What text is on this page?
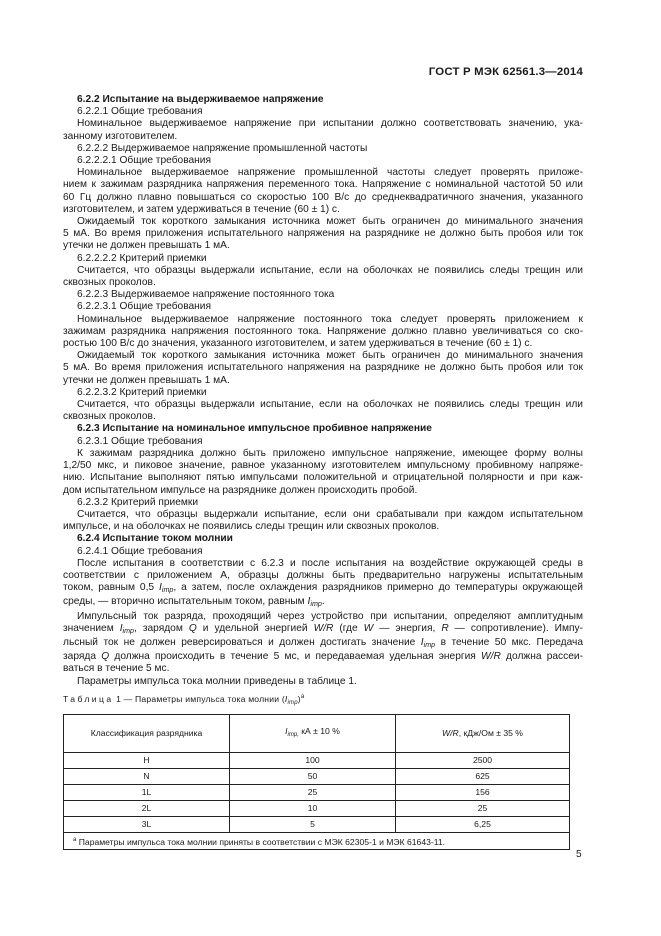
ГОСТ Р МЭК 62561.3—2014
6.2.2 Испытание на выдерживаемое напряжение
6.2.2.1 Общие требования
Номинальное выдерживаемое напряжение при испытании должно соответствовать значению, ука-
занному изготовителем.
6.2.2.2 Выдерживаемое напряжение промышленной частоты
6.2.2.2.1 Общие требования
Номинальное выдерживаемое напряжение промышленной частоты следует проверять приложе-
нием к зажимам разрядника напряжения переменного тока. Напряжение с номинальной частотой 50 или
60 Гц должно плавно повышаться со скоростью 100 В/с до среднеквадратичного значения, указанного
изготовителем, и затем удерживаться в течение (60 ± 1) с.
Ожидаемый ток короткого замыкания источника может быть ограничен до минимального значения
5 мА. Во время приложения испытательного напряжения на разряднике не должно быть пробоя или ток
утечки не должен превышать 1 мА.
6.2.2.2.2 Критерий приемки
Считается, что образцы выдержали испытание, если на оболочках не появились следы трещин или
сквозных проколов.
6.2.2.3 Выдерживаемое напряжение постоянного тока
6.2.2.3.1 Общие требования
Номинальное выдерживаемое напряжение постоянного тока следует проверять приложением к
зажимам разрядника напряжения постоянного тока. Напряжение должно плавно увеличиваться со ско-
ростью 100 В/с до значения, указанного изготовителем, и затем удерживаться в течение (60 ± 1) с.
Ожидаемый ток короткого замыкания источника может быть ограничен до минимального значения
5 мА. Во время приложения испытательного напряжения на разряднике не должно быть пробоя или ток
утечки не должен превышать 1 мА.
6.2.2.3.2 Критерий приемки
Считается, что образцы выдержали испытание, если на оболочках не появились следы трещин или
сквозных проколов.
6.2.3 Испытание на номинальное импульсное пробивное напряжение
6.2.3.1 Общие требования
К зажимам разрядника должно быть приложено импульсное напряжение, имеющее форму волны
1,2/50 мкс, и пиковое значение, равное указанному изготовителем импульсному пробивному напряже-
нию. Испытание выполняют пятью импульсами положительной и отрицательной полярности и при каж-
дом испытательном импульсе на разряднике должен происходить пробой.
6.2.3.2 Критерий приемки
Считается, что образцы выдержали испытание, если они срабатывали при каждом испытательном
импульсе, и на оболочках не появились следы трещин или сквозных проколов.
6.2.4 Испытание током молнии
6.2.4.1 Общие требования
После испытания в соответствии с 6.2.3 и после испытания на воздействие окружающей среды в
соответствии с приложением А, образцы должны быть предварительно нагружены испытательным
током, равным 0,5 $I_{imp}$, а затем, после охлаждения разрядников примерно до температуры окружающей
среды, — вторично испытательным током, равным $I_{imp}$.
Импульсный ток разряда, проходящий через устройство при испытании, определяют амплитудным
значением $I_{imp}$, зарядом Q и удельной энергией W/R (где W — энергия, R — сопротивление). Импу-
льсный ток не должен реверсироваться и должен достигать значение $I_{imp}$ в течение 50 мкс. Передача
заряда Q должна происходить в течение 5 мс, и передаваемая удельная энергия W/R должна рассеи-
ваться в течение 5 мс.
Параметры импульса тока молнии приведены в таблице 1.
Таблица 1 — Параметры импульса тока молнии $(I_{imp})^а$
Классификация разрядника	$I_{imp,}$ кА ± 10 %	W/R, кДж/Ом ± 35 %
H	100	2500
N	50	625
1L	25	156
2L	10	25
3L	5	6,25
$^а$ Параметры импульса тока молнии приняты в соответствии с МЭК 62305-1 и МЭК 61643-11.		
5
